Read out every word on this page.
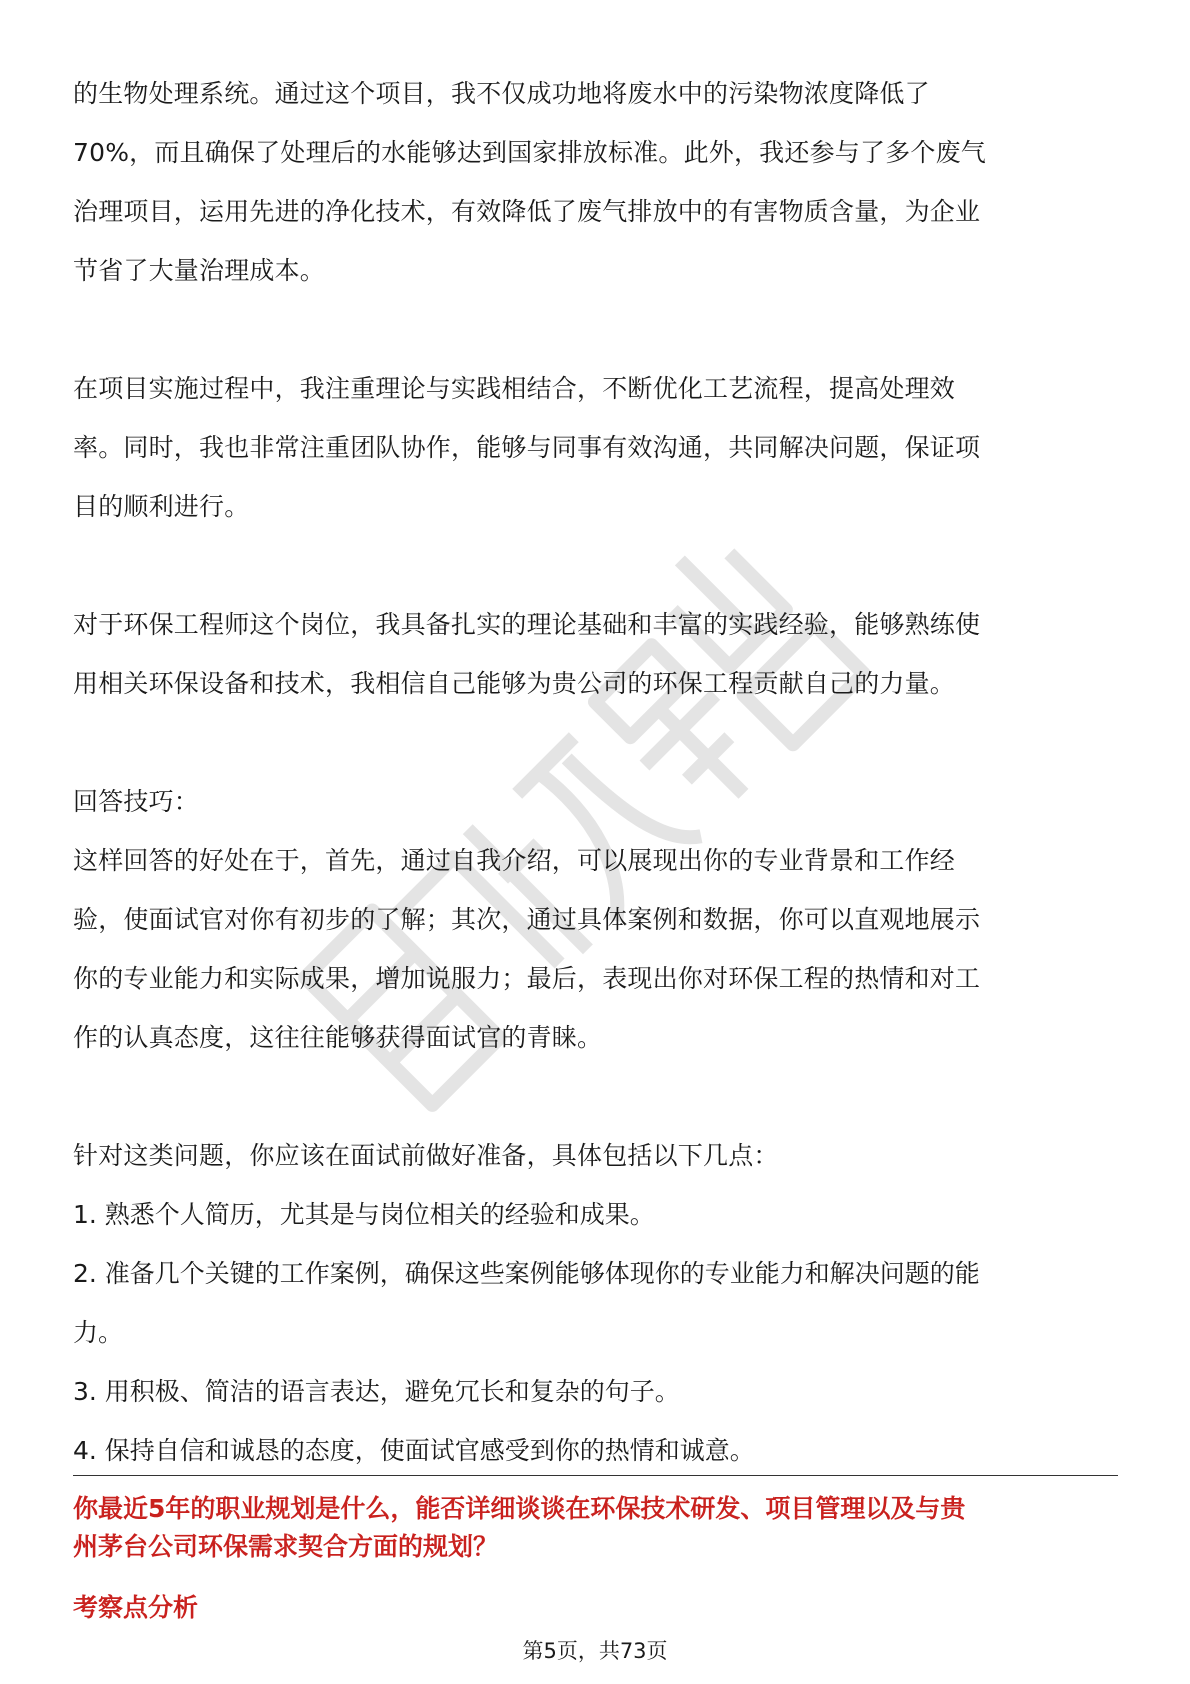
的生物处理系统。通过这个项目，我不仅成功地将废水中的污染物浓度降低了

70%，而且确保了处理后的水能够达到国家排放标准。此外，我还参与了多个废气

治理项目，运用先进的净化技术，有效降低了废气排放中的有害物质含量，为企业

节省了大量治理成本。

在项目实施过程中，我注重理论与实践相结合，不断优化工艺流程，提高处理效

率。同时，我也非常注重团队协作，能够与同事有效沟通，共同解决问题，保证项

目的顺利进行。

对于环保工程师这个岗位，我具备扎实的理论基础和丰富的实践经验，能够熟练使

用相关环保设备和技术，我相信自己能够为贵公司的环保工程贡献自己的力量。

回答技巧：

这样回答的好处在于，首先，通过自我介绍，可以展现出你的专业背景和工作经

验，使面试官对你有初步的了解；其次，通过具体案例和数据，你可以直观地展示

你的专业能力和实际成果，增加说服力；最后，表现出你对环保工程的热情和对工

作的认真态度，这往往能够获得面试官的青睐。

针对这类问题，你应该在面试前做好准备，具体包括以下几点：

1. 熟悉个人简历，尤其是与岗位相关的经验和成果。

2. 准备几个关键的工作案例，确保这些案例能够体现你的专业能力和解决问题的能

力。

3. 用积极、简洁的语言表达，避免冗长和复杂的句子。

4. 保持自信和诚恳的态度，使面试官感受到你的热情和诚意。

你最近5年的职业规划是什么，能否详细谈谈在环保技术研发、项目管理以及与贵
州茅台公司环保需求契合方面的规划？

考察点分析

第5页，共73页
